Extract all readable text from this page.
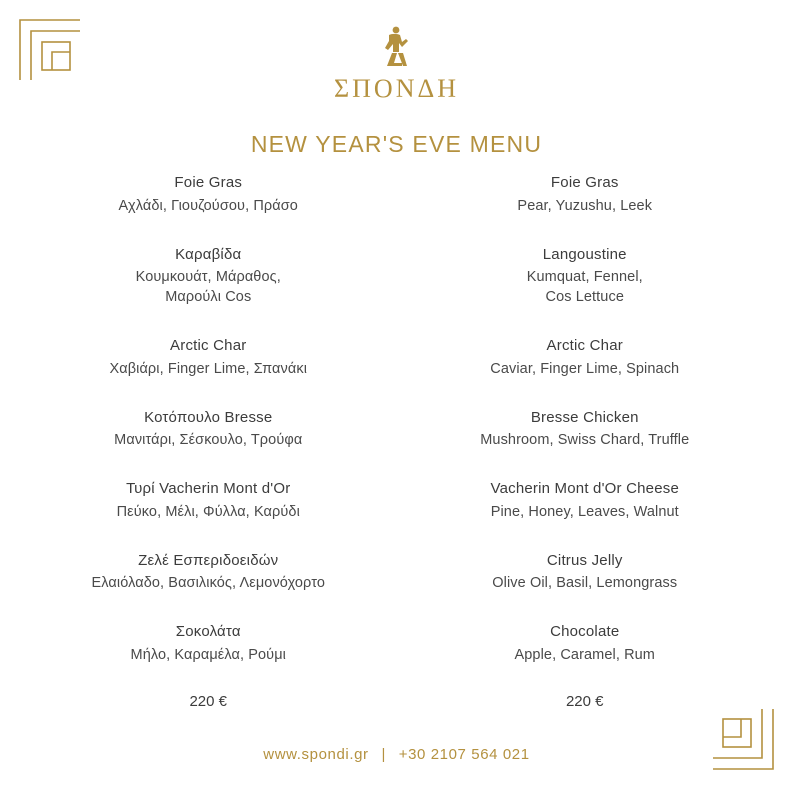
ΣΠΟΝΔΗ
NEW YEAR'S EVE MENU
Foie Gras
Αχλάδι, Γιουζούσου, Πράσο
Foie Gras
Pear, Yuzushu, Leek
Καραβίδα
Κουμκουάτ, Μάραθος,
Μαρούλι Cos
Langoustine
Kumquat, Fennel,
Cos Lettuce
Arctic Char
Χαβιάρι, Finger Lime, Σπανάκι
Arctic Char
Caviar, Finger Lime, Spinach
Κοτόπουλο Bresse
Μανιτάρι, Σέσκουλο, Τρούφα
Bresse Chicken
Mushroom, Swiss Chard, Truffle
Τυρί Vacherin Mont d'Or
Πεύκο, Μέλι, Φύλλα, Καρύδι
Vacherin Mont d'Or Cheese
Pine, Honey, Leaves, Walnut
Ζελέ Εσπεριδοειδών
Ελαιόλαδο, Βασιλικός, Λεμονόχορτο
Citrus Jelly
Olive Oil, Basil, Lemongrass
Σοκολάτα
Μήλο, Καραμέλα, Ρούμι
Chocolate
Apple, Caramel, Rum
220 €	220 €
www.spondi.gr | +30 2107 564 021
